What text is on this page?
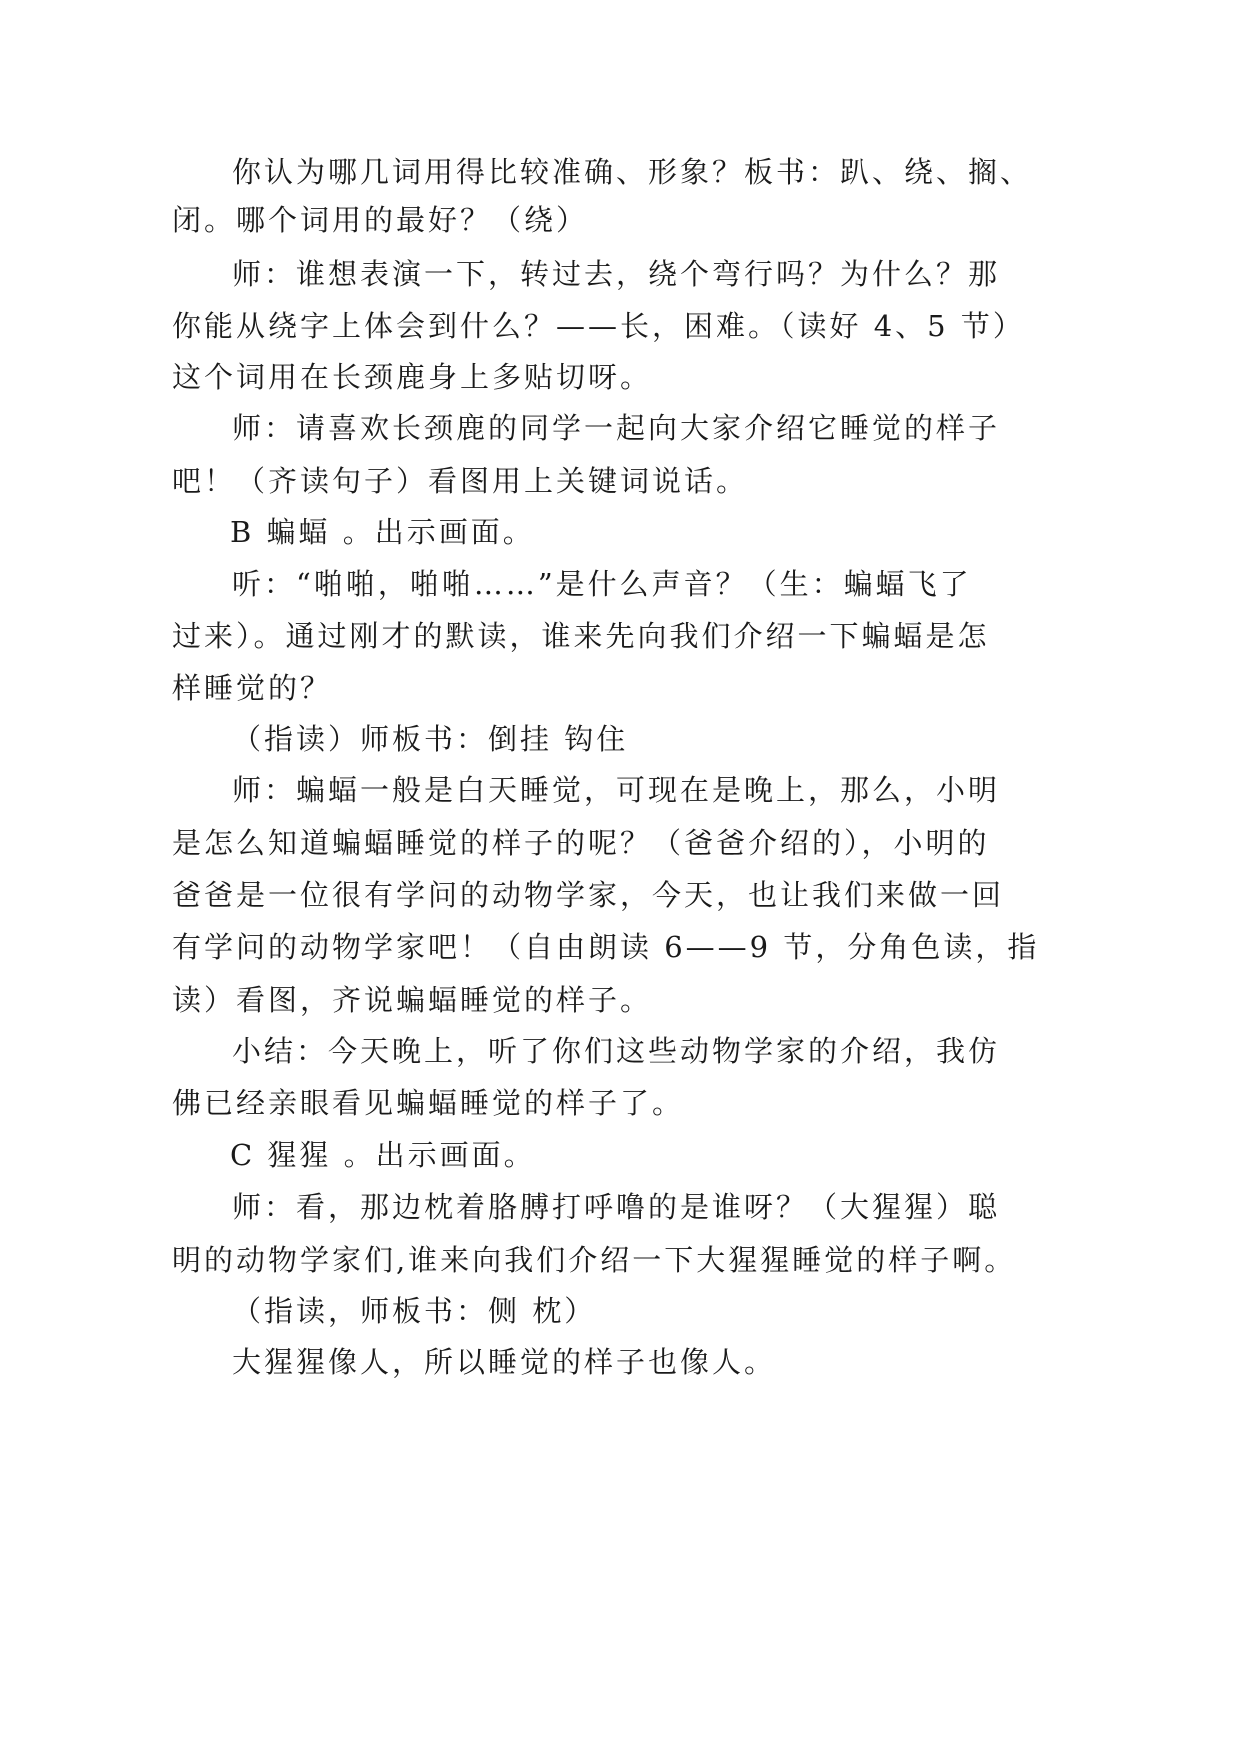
你认为哪几词用得比较准确、形象？板书：趴、绕、搁、
闭。哪个词用的最好？（绕）
师：谁想表演一下，转过去，绕个弯行吗？为什么？那
你能从绕字上体会到什么？——长，困难。（读好 4、5 节）
这个词用在长颈鹿身上多贴切呀。
师：请喜欢长颈鹿的同学一起向大家介绍它睡觉的样子
吧！（齐读句子）看图用上关键词说话。
B 蝙蝠 。出示画面。
听：“啪啪，啪啪……”是什么声音？（生：蝙蝠飞了
过来）。通过刚才的默读，谁来先向我们介绍一下蝙蝠是怎
样睡觉的？
（指读）师板书：倒挂 钩住
师：蝙蝠一般是白天睡觉，可现在是晚上，那么，小明
是怎么知道蝙蝠睡觉的样子的呢？（爸爸介绍的），小明的
爸爸是一位很有学问的动物学家，今天，也让我们来做一回
有学问的动物学家吧！（自由朗读 6——9 节，分角色读，指
读）看图，齐说蝙蝠睡觉的样子。
小结：今天晚上，听了你们这些动物学家的介绍，我仿
佛已经亲眼看见蝙蝠睡觉的样子了。
C 猩猩 。出示画面。
师：看，那边枕着胳膊打呼噜的是谁呀？（大猩猩）聪
明的动物学家们,谁来向我们介绍一下大猩猩睡觉的样子啊。
（指读，师板书：侧 枕）
大猩猩像人，所以睡觉的样子也像人。
